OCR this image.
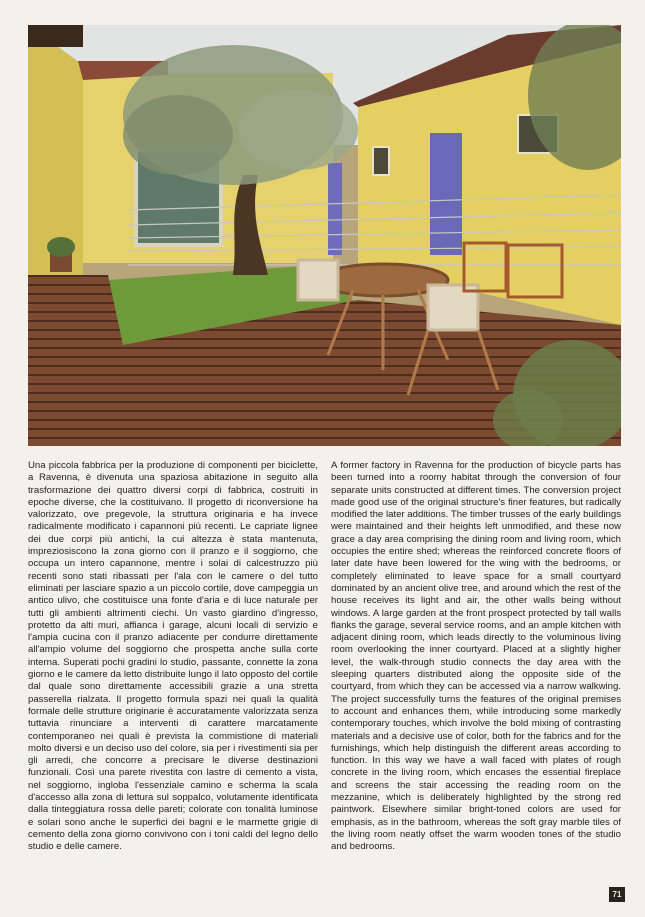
Una piccola fabbrica per la produzione di componenti per biciclette, a Ravenna, è divenuta una spaziosa abitazione in seguito alla trasformazione dei quattro diversi corpi di fabbrica, costruiti in epoche diverse, che la costituivano. Il progetto di riconversione ha valorizzato, ove pregevole, la struttura originaria e ha invece radicalmente modificato i capannoni più recenti. Le capriate lignee dei due corpi più antichi, la cui altezza è stata mantenuta, impreziosiscono la zona giorno con il pranzo e il soggiorno, che occupa un intero capannone, mentre i solai di calcestruzzo più recenti sono stati ribassati per l'ala con le camere o del tutto eliminati per lasciare spazio a un piccolo cortile, dove campeggia un antico ulivo, che costituisce una fonte d'aria e di luce naturale per tutti gli ambienti altrimenti ciechi. Un vasto giardino d'ingresso, protetto da alti muri, affianca i garage, alcuni locali di servizio e l'ampia cucina con il pranzo adiacente per condurre direttamente all'ampio volume del soggiorno che prospetta anche sulla corte interna. Superati pochi gradini lo studio, passante, connette la zona giorno e le camere da letto distribuite lungo il lato opposto del cortile dal quale sono direttamente accessibili grazie a una stretta passerella rialzata. Il progetto formula spazi nei quali la qualità formale delle strutture originarie è accuratamente valorizzata senza tuttavia rinunciare a interventi di carattere marcatamente contemporaneo nei quali è prevista la commistione di materiali molto diversi e un deciso uso del colore, sia per i rivestimenti sia per gli arredi, che concorre a precisare le diverse destinazioni funzionali. Così una parete rivestita con lastre di cemento a vista, nel soggiorno, ingloba l'essenziale camino e scherma la scala d'accesso alla zona di lettura sul soppalco, volutamente identificata dalla tinteggiatura rossa delle pareti; colorate con tonalità luminose e solari sono anche le superfici dei bagni e le marmette grigie di cemento della zona giorno convivono con i toni caldi del legno dello studio e delle camere.

A former factory in Ravenna for the production of bicycle parts has been turned into a roomy habitat through the conversion of four separate units constructed at different times. The conversion project made good use of the original structure's finer features, but radically modified the later additions. The timber trusses of the early buildings were maintained and their heights left unmodified, and these now grace a day area comprising the dining room and living room, which occupies the entire shed; whereas the reinforced concrete floors of later date have been lowered for the wing with the bedrooms, or completely eliminated to leave space for a small courtyard dominated by an ancient olive tree, and around which the rest of the house receives its light and air, the other walls being without windows. A large garden at the front prospect protected by tall walls flanks the garage, several service rooms, and an ample kitchen with adjacent dining room, which leads directly to the voluminous living room overlooking the inner courtyard. Placed at a slightly higher level, the walk-through studio connects the day area with the sleeping quarters distributed along the opposite side of the courtyard, from which they can be accessed via a narrow walkwing. The project successfully turns the features of the original premises to account and enhances them, while introducing some markedly contemporary touches, which involve the bold mixing of contrasting materials and a decisive use of color, both for the fabrics and for the furnishings, which help distinguish the different areas according to function. In this way we have a wall faced with plates of rough concrete in the living room, which encases the essential fireplace and screens the stair accessing the reading room on the mezzanine, which is deliberately highlighted by the strong red paintwork. Elsewhere similar bright-toned colors are used for emphasis, as in the bathroom, whereas the soft gray marble tiles of the living room neatly offset the warm wooden tones of the studio and bedrooms.

71
